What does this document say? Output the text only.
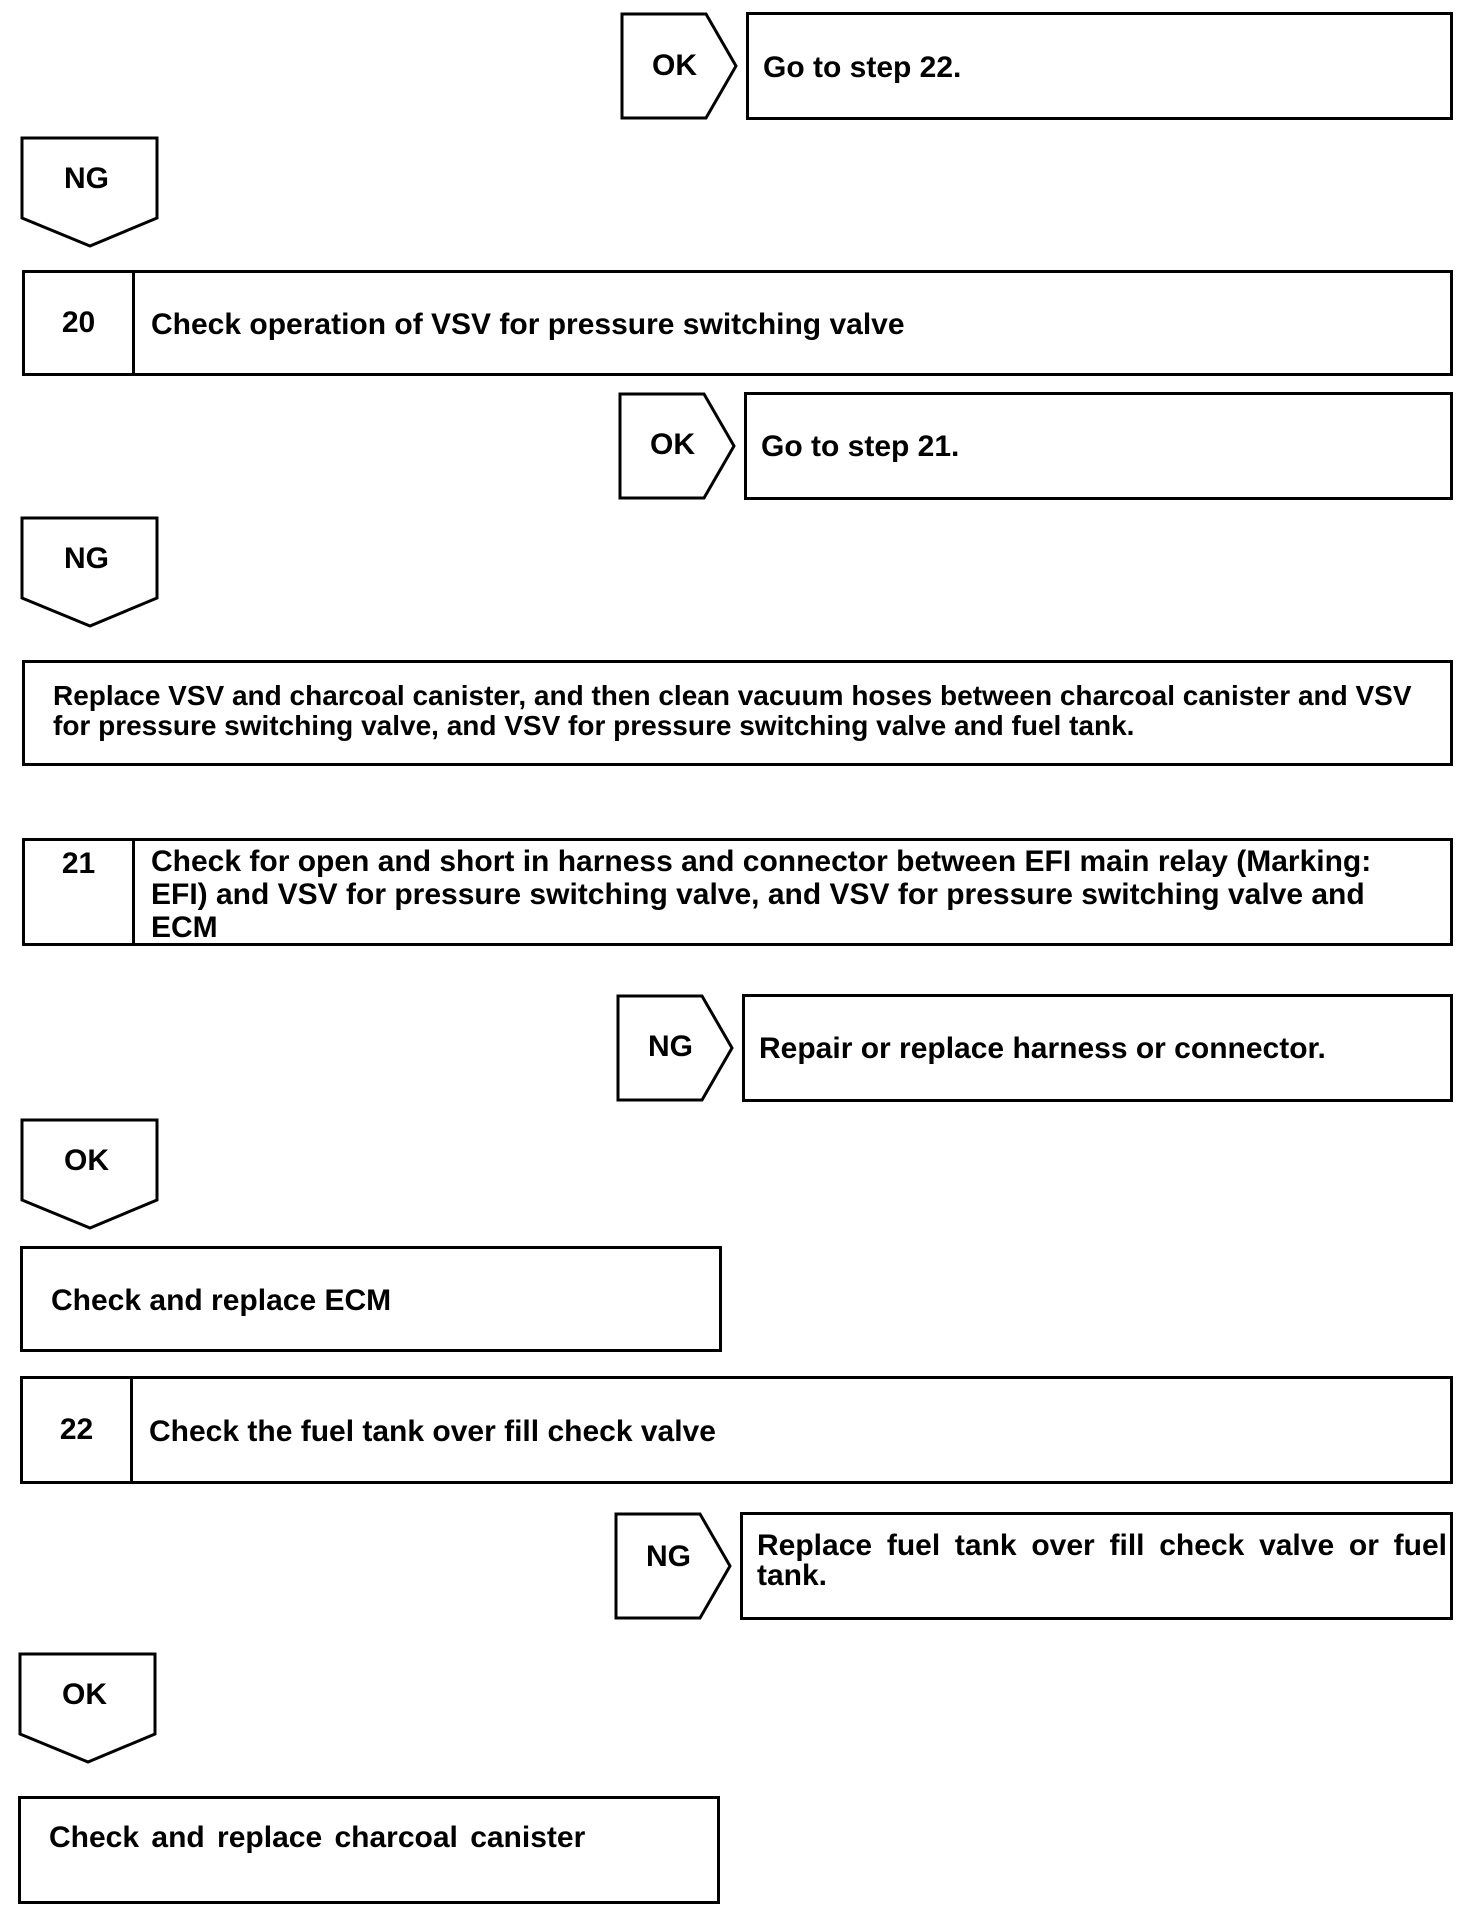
OK Go to step 22.
NG
20	Check operation of VSV for pressure switching valve
OK Go to step 21.
NG
Replace VSV and charcoal canister, and then clean vacuum hoses between charcoal canister and VSV for pressure switching valve, and VSV for pressure switching valve and fuel tank.
21	Check for open and short in harness and connector between EFI main relay (Marking: EFI) and VSV for pressure switching valve, and VSV for pressure switching valve and ECM
NG Repair or replace harness or connector.
OK
Check and replace ECM
22	Check the fuel tank over fill check valve
NG Replace fuel tank over fill check valve or fuel tank.
OK
Check and replace charcoal canister
